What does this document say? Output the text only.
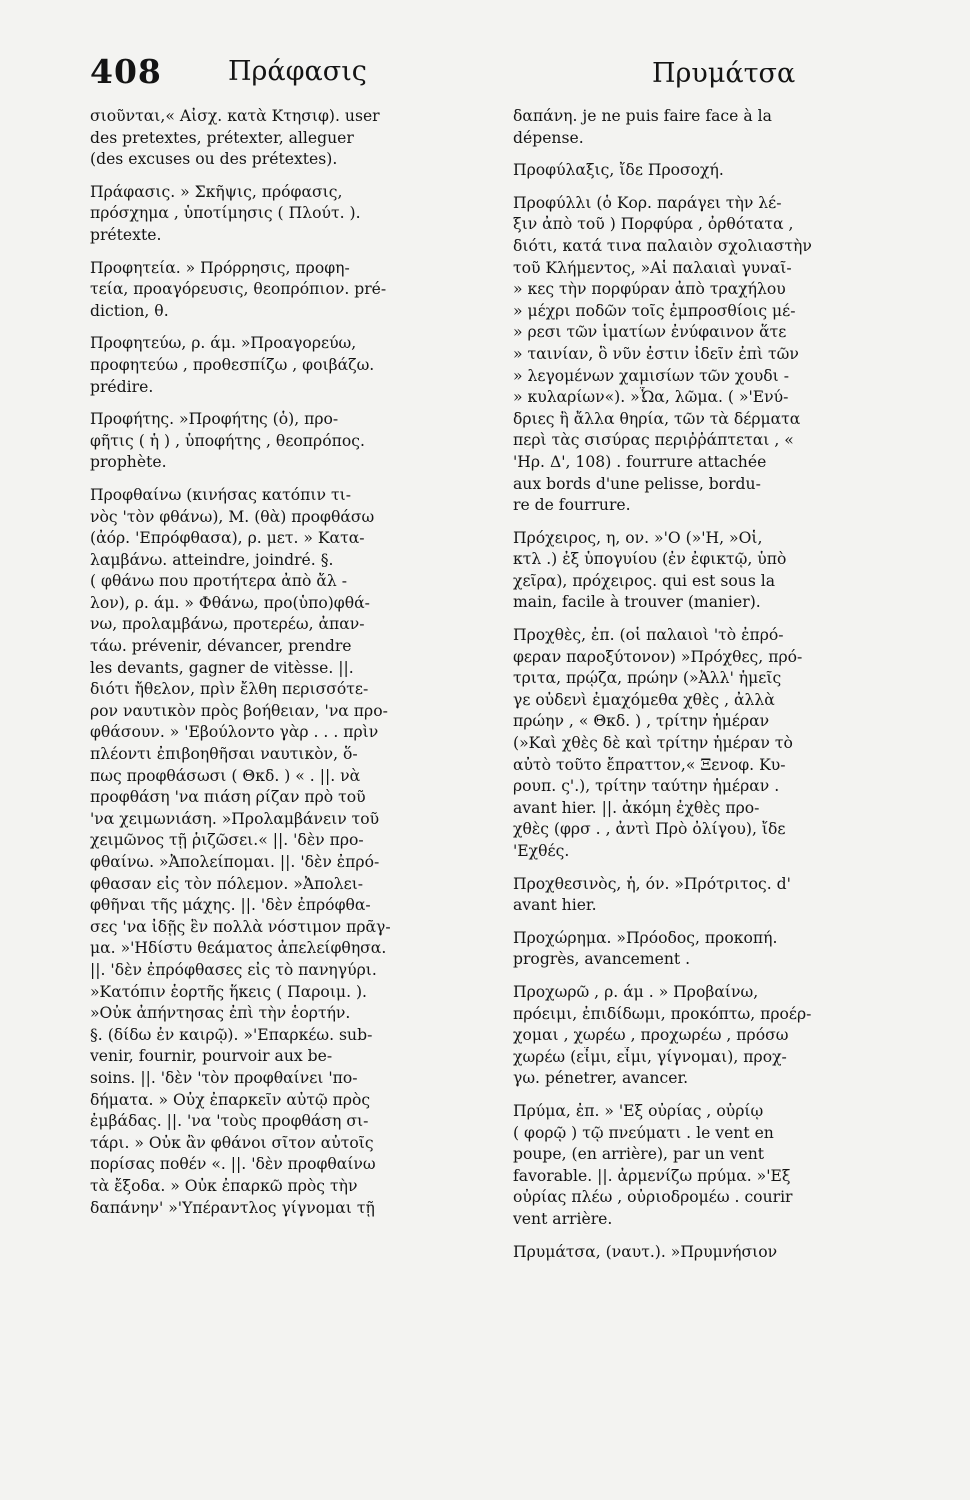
408 Πράφασις	Πρυμάτσα
σιοῦνται,« Αἰσχ. κατὰ Κτησιφ). user
des pretextes, prétexter, alleguer
(des excuses ou des prétextes).
Πράφασις. » Σκῆψις, πρόφασις,
πρόσχημα , ὑποτίμησις ( Πλούτ. ).
prétexte.
Προφητεία. » Πρόρρησις, προφη-
τεία, προαγόρευσις, θεοπρόπιον. pré-
diction, θ.
Προφητεύω, ρ. άμ. »Προαγορεύω,
προφητεύω , προθεσπίζω , φοιβάζω.
prédire.
Προφήτης. »Προφήτης (ὁ), προ-
φῆτις ( ἡ ) , ὑποφήτης , θεοπρόπος.
prophète.
Προφθαίνω (κινήσας κατόπιν τι-
νὸς 'τὸν φθάνω), M. (θὰ) προφθάσω
(ἀόρ. 'Επρόφθασα), ρ. μετ. » Κατα-
λαμβάνω. atteindre, joindré. §.
( φθάνω που προτήτερα ἀπὸ ἄλ -
λον), ρ. άμ. » Φθάνω, προ(ὑπο)φθά-
νω, προλαμβάνω, προτερέω, ἀπαν-
τάω. prévenir, dévancer, prendre
les devants, gagner de vitèsse. ||.
διότι ἤθελον, πρὶν ἔλθη περισσότε-
ρον ναυτικὸν πρὸς βοήθειαν, 'να προ-
φθάσουν. » 'Εβούλοντο γὰρ . . . πρὶν
πλέοντι ἐπιβοηθῆσαι ναυτικὸν, ὅ-
πως προφθάσωσι ( Θκδ. ) « . ||. νὰ
προφθάση 'να πιάση ρίζαν πρὸ τοῦ
'να χειμωνιάση. »Προλαμβάνειν τοῦ
χειμῶνος τῇ ῥιζῶσει.« ||. 'δὲν προ-
φθαίνω. »Ἀπολείπομαι. ||. 'δὲν ἐπρό-
φθασαν εἰς τὸν πόλεμον. »Ἀπολει-
φθῆναι τῆς μάχης. ||. 'δὲν ἐπρόφθα-
σες 'να ἰδῇς ἓν πολλὰ νόστιμον πρᾶγ-
μα. »'Ηδίστυ θεάματος ἀπελείφθησα.
||. 'δὲν ἐπρόφθασες εἰς τὸ πανηγύρι.
»Κατόπιν ἑορτῆς ἥκεις ( Παροιμ. ).
»Οὐκ ἀπήντησας ἐπὶ τὴν ἑορτήν.
§. (δίδω ἐν καιρῷ). »'Επαρκέω. sub-
venir, fournir, pourvoir aux be-
soins. ||. 'δὲν 'τὸν προφθαίνει 'πο-
δήματα. » Οὐχ ἐπαρκεῖν αὐτῷ πρὸς
ἐμβάδας. ||. 'να 'τοὺς προφθάση σι-
τάρι. » Οὐκ ἂν φθάνοι σῖτον αὐτοῖς
πορίσας ποθέν «. ||. 'δὲν προφθαίνω
τὰ ἔξοδα. » Οὐκ ἐπαρκῶ πρὸς τὴν
δαπάνην' »'Υπέραντλος γίγνομαι τῇ
δαπάνη. je ne puis faire face à la
dépense.
Προφύλαξις, ἴδε Προσοχή.
Προφύλλι (ὁ Κορ. παράγει τὴν λέ-
ξιν ἀπὸ τοῦ ) Πορφύρα , ὀρθότατα ,
διότι, κατά τινα παλαιὸν σχολιαστὴν
τοῦ Κλήμεντος, »Αἱ παλαιαὶ γυναῖ-
» κες τὴν πορφύραν ἀπὸ τραχήλου
» μέχρι ποδῶν τοῖς ἐμπροσθίοις μέ-
» ρεσι τῶν ἱματίων ἐνύφαινον ἅτε
» ταινίαν, ὃ νῦν ἐστιν ἰδεῖν ἐπὶ τῶν
» λεγομένων χαμισίων τῶν χουδι -
» κυλαρίων«). »Ὦα, λῶμα. ( »'Ενύ-
δριες ἢ ἄλλα θηρία, τῶν τὰ δέρματα
περὶ τὰς σισύρας περιῤῥάπτεται , «
'Ηρ. Δ', 108) . fourrure attachée
aux bords d'une pelisse, bordu-
re de fourrure.
Πρόχειρος, η, ον. »'Ο (»'Η, »Οἱ,
κτλ .) ἐξ ὑπογυίου (ἐν ἐφικτῷ, ὑπὸ
χεῖρα), πρόχειρος. qui est sous la
main, facile à trouver (manier).
Προχθὲς, ἐπ. (οἱ παλαιοὶ 'τὸ ἐπρό-
φεραν παροξύτονον) »Πρόχθες, πρό-
τριτα, πρῴζα, πρώην (»Ἀλλ' ἡμεῖς
γε οὐδενὶ ἐμαχόμεθα χθὲς , ἀλλὰ
πρώην , « Θκδ. ) , τρίτην ἡμέραν
(»Καὶ χθὲς δὲ καὶ τρίτην ἡμέραν τὸ
αὐτὸ τοῦτο ἔπραττον,« Ξενοφ. Κυ-
ρουπ. ς'.), τρίτην ταύτην ἡμέραν .
avant hier. ||. ἀκόμη ἐχθὲς προ-
χθὲς (φρσ . , ἀντὶ Πρὸ ὀλίγου), ἴδε
'Εχθές.
Προχθεσινὸς, ἡ, όν. »Πρότριτος. d'
avant hier.
Προχώρημα. »Πρόοδος, προκοπή.
progrès, avancement .
Προχωρῶ , ρ. άμ . » Προβαίνω,
πρόειμι, ἐπιδίδωμι, προκόπτω, προέρ-
χομαι , χωρέω , προχωρέω , πρόσω
χωρέω (εἶμι, εἶμι, γίγνομαι), προχ-
γω. pénetrer, avancer.
Πρύμα, ἐπ. » 'Εξ οὐρίας , οὐρίῳ
( φορῷ ) τῷ πνεύματι . le vent en
poupe, (en arrière), par un vent
favorable. ||. ἀρμενίζω πρύμα. »'Εξ
οὐρίας πλέω , οὐριοδρομέω . courir
vent arrière.
Πρυμάτσα, (ναυτ.). »Πρυμνήσιον
